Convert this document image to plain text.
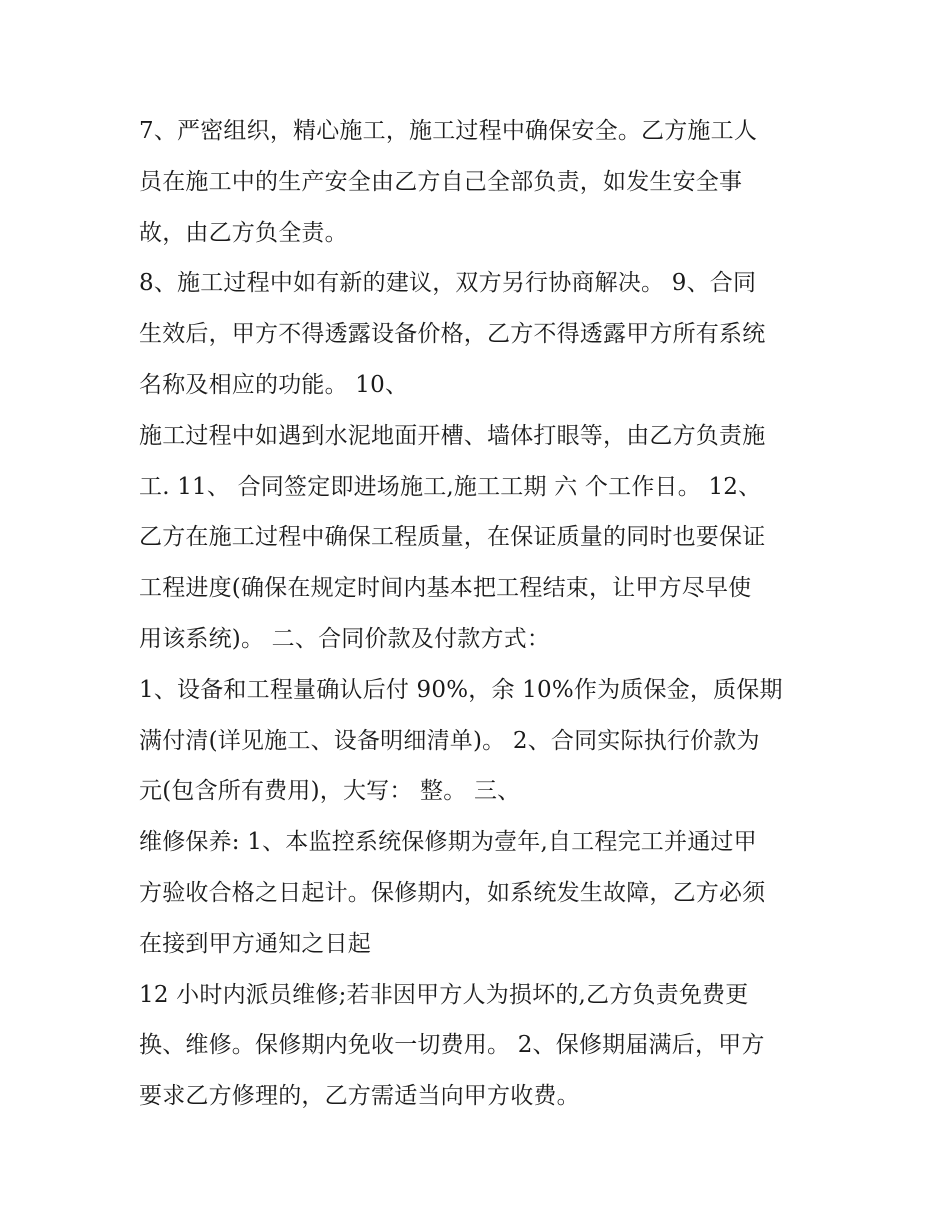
7、严密组织，精心施工，施工过程中确保安全。乙方施工人
员在施工中的生产安全由乙方自己全部负责，如发生安全事
故，由乙方负全责。
8、施工过程中如有新的建议，双方另行协商解决。 9、合同
生效后，甲方不得透露设备价格，乙方不得透露甲方所有系统
名称及相应的功能。 10、
施工过程中如遇到水泥地面开槽、墙体打眼等，由乙方负责施
工. 11、 合同签定即进场施工,施工工期 六 个工作日。 12、
乙方在施工过程中确保工程质量，在保证质量的同时也要保证
工程进度(确保在规定时间内基本把工程结束，让甲方尽早使
用该系统)。 二、合同价款及付款方式：
1、设备和工程量确认后付 90%，余 10%作为质保金，质保期
满付清(详见施工、设备明细清单)。 2、合同实际执行价款为
元(包含所有费用)，大写： 整。 三、
维修保养: 1、本监控系统保修期为壹年,自工程完工并通过甲
方验收合格之日起计。保修期内，如系统发生故障，乙方必须
在接到甲方通知之日起
12 小时内派员维修;若非因甲方人为损坏的,乙方负责免费更
换、维修。保修期内免收一切费用。 2、保修期届满后，甲方
要求乙方修理的，乙方需适当向甲方收费。
